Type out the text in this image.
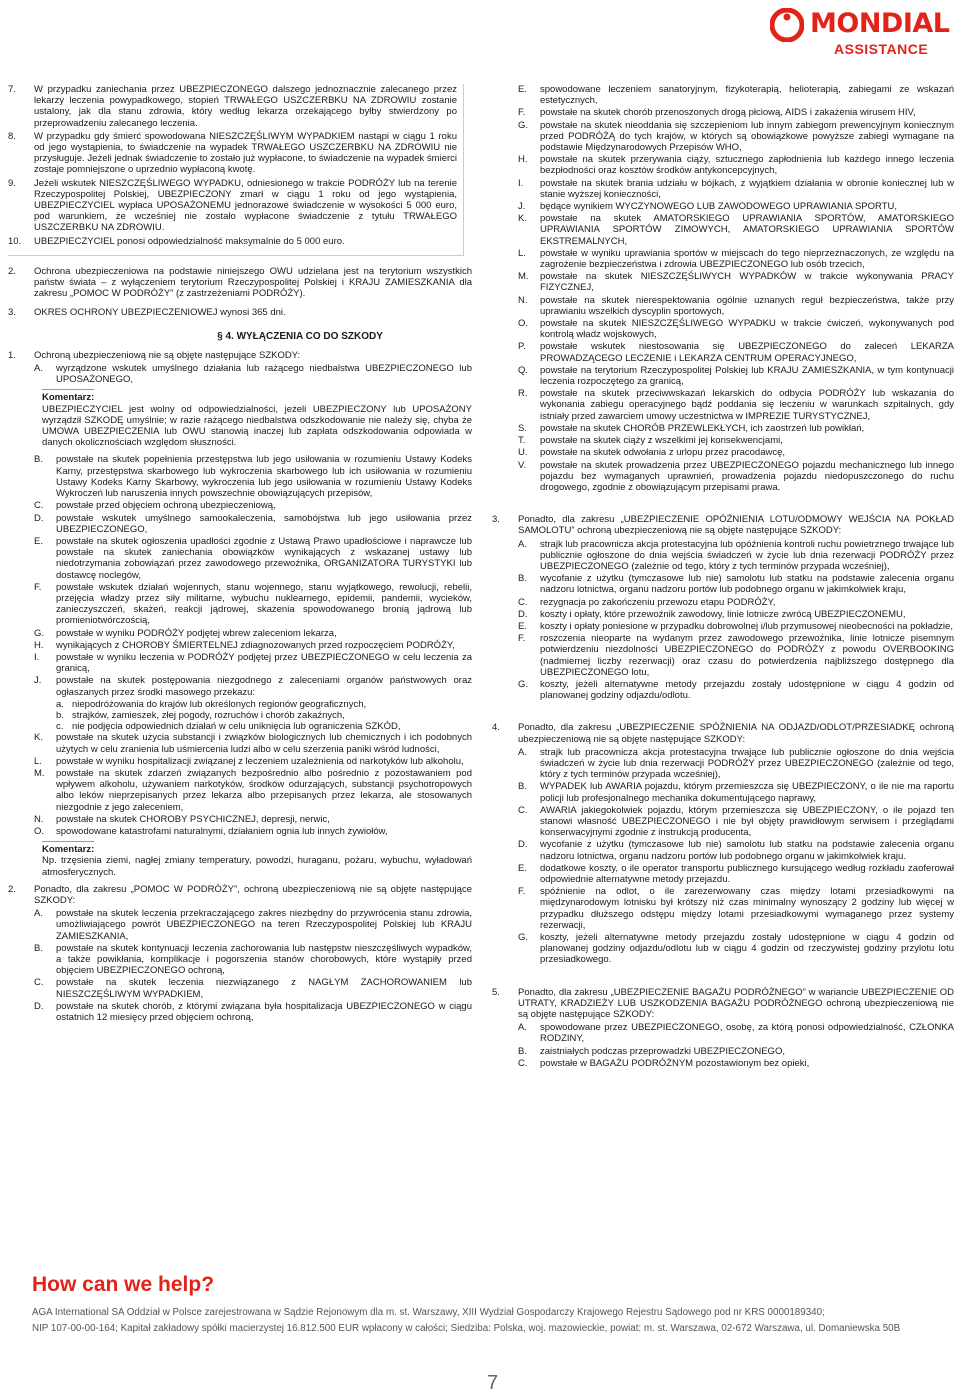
MONDIAL
ASSISTANCE
7.	W przypadku zaniechania przez UBEZPIECZONEGO dalszego jednoznacznie zalecanego przez lekarzy leczenia powypadkowego, stopień TRWAŁEGO USZCZERBKU NA ZDROWIU zostanie ustalony, jak dla stanu zdrowia, który według lekarza orzekającego byłby stwierdzony po przeprowadzeniu zalecanego leczenia.
8.	W przypadku gdy śmierć spowodowana NIESZCZĘŚLIWYM WYPADKIEM nastąpi w ciągu 1 roku od jego wystąpienia, to świadczenie na wypadek TRWAŁEGO USZCZERBKU NA ZDROWIU nie przysługuje. Jeżeli jednak świadczenie to zostało już wypłacone, to świadczenie na wypadek śmierci zostaje pomniejszone o uprzednio wypłaconą kwotę.
9.	Jeżeli wskutek NIESZCZĘŚLIWEGO WYPADKU, odniesionego w trakcie PODRÓŻY lub na terenie Rzeczypospolitej Polskiej, UBEZPIECZONY zmarł w ciągu 1 roku od jego wystąpienia, UBEZPIECZYCIEL wypłaca UPOSAŻONEMU jednorazowe świadczenie w wysokości 5 000 euro, pod warunkiem, że wcześniej nie zostało wypłacone świadczenie z tytułu TRWAŁEGO USZCZERBKU NA ZDROWIU.
10.	UBEZPIECZYCIEL ponosi odpowiedzialność maksymalnie do 5 000 euro.
2.	Ochrona ubezpieczeniowa na podstawie niniejszego OWU udzielana jest na terytorium wszystkich państw świata – z wyłączeniem terytorium Rzeczypospolitej Polskiej i KRAJU ZAMIESZKANIA dla zakresu „POMOC W PODRÓŻY” (z zastrzeżeniami PODRÓŻY).
3.	OKRES OCHRONY UBEZPIECZENIOWEJ wynosi 365 dni.
§ 4. WYŁĄCZENIA CO DO SZKODY
1.	Ochroną ubezpieczeniową nie są objęte następujące SZKODY:
A.	wyrządzone wskutek umyślnego działania lub rażącego niedbalstwa UBEZPIECZONEGO lub UPOSAŻONEGO,
Komentarz:
UBEZPIECZYCIEL jest wolny od odpowiedzialności, jeżeli UBEZPIECZONY lub UPOSAŻONY wyrządził SZKODĘ umyślnie; w razie rażącego niedbalstwa odszkodowanie nie należy się, chyba że UMOWA UBEZPIECZENIA lub OWU stanowią inaczej lub zapłata odszkodowania odpowiada w danych okolicznościach względom słuszności.
B.	powstałe na skutek popełnienia przestępstwa lub jego usiłowania w rozumieniu Ustawy Kodeks Karny, przestępstwa skarbowego lub wykroczenia skarbowego lub ich usiłowania w rozumieniu Ustawy Kodeks Karny Skarbowy, wykroczenia lub jego usiłowania w rozumieniu Ustawy Kodeks Wykroczeń lub naruszenia innych powszechnie obowiązujących przepisów,
C.	powstałe przed objęciem ochroną ubezpieczeniową,
D.	powstałe wskutek umyślnego samookaleczenia, samobójstwa lub jego usiłowania przez UBEZPIECZONEGO,
E.	powstałe na skutek ogłoszenia upadłości zgodnie z Ustawą Prawo upadłościowe i naprawcze lub powstałe na skutek zaniechania obowiązków wynikających z wskazanej ustawy lub niedotrzymania zobowiązań przez zawodowego przewoźnika, ORGANIZATORA TURYSTYKI lub dostawcę noclegów,
F.	powstałe wskutek działań wojennych, stanu wojennego, stanu wyjątkowego, rewolucji, rebelii, przejęcia władzy przez siły militarne, wybuchu nuklearnego, epidemii, pandemii, wycieków, zanieczyszczeń, skażeń, reakcji jądrowej, skażenia spowodowanego bronią jądrową lub promieniotwórczością,
G.	powstałe w wyniku PODRÓŻY podjętej wbrew zaleceniom lekarza,
H.	wynikających z CHOROBY ŚMIERTELNEJ zdiagnozowanych przed rozpoczęciem PODRÓŻY,
I.	powstałe w wyniku leczenia w PODRÓŻY podjętej przez UBEZPIECZONEGO w celu leczenia za granicą,
J.	powstałe na skutek postępowania niezgodnego z zaleceniami organów państwowych oraz ogłaszanych przez środki masowego przekazu:
a. niepodróżowania do krajów lub określonych regionów geograficznych,
b. strajków, zamieszek, złej pogody, rozruchów i chorób zakaźnych,
c. nie podjęcia odpowiednich działań w celu uniknięcia lub ograniczenia SZKÓD,
K.	powstałe na skutek użycia substancji i związków biologicznych lub chemicznych i ich podobnych użytych w celu zranienia lub uśmiercenia ludzi albo w celu szerzenia paniki wśród ludności,
L.	powstałe w wyniku hospitalizacji związanej z leczeniem uzależnienia od narkotyków lub alkoholu,
M.	powstałe na skutek zdarzeń związanych bezpośrednio albo pośrednio z pozostawaniem pod wpływem alkoholu, używaniem narkotyków, środków odurzających, substancji psychotropowych albo leków nieprzepisanych przez lekarza albo przepisanych przez lekarza, ale stosowanych niezgodnie z jego zaleceniem,
N.	powstałe na skutek CHOROBY PSYCHICZNEJ, depresji, nerwic,
O.	spowodowane katastrofami naturalnymi, działaniem ognia lub innych żywiołów,
Komentarz:
Np. trzęsienia ziemi, nagłej zmiany temperatury, powodzi, huraganu, pożaru, wybuchu, wyładowań atmosferycznych.
2.	Ponadto, dla zakresu „POMOC W PODRÓŻY”, ochroną ubezpieczeniową nie są objęte następujące SZKODY:
A.	powstałe na skutek leczenia przekraczającego zakres niezbędny do przywrócenia stanu zdrowia, umożliwiającego powrót UBEZPIECZONEGO na teren Rzeczypospolitej Polskiej lub KRAJU ZAMIESZKANIA,
B.	powstałe na skutek kontynuacji leczenia zachorowania lub następstw nieszczęśliwych wypadków, a także powikłania, komplikacje i pogorszenia stanów chorobowych, które wystąpiły przed objęciem UBEZPIECZONEGO ochroną,
C.	powstałe na skutek leczenia niezwiązanego z NAGŁYM ZACHOROWANIEM lub NIESZCZĘŚLIWYM WYPADKIEM,
D.	powstałe na skutek chorób, z którymi związana była hospitalizacja UBEZPIECZONEGO w ciągu ostatnich 12 miesięcy przed objęciem ochroną,
E.	spowodowane leczeniem sanatoryjnym, fizykoterapią, helioterapią, zabiegami ze wskazań estetycznych,
F.	powstałe na skutek chorób przenoszonych drogą płciową, AIDS i zakażenia wirusem HIV,
G.	powstałe na skutek nieoddania się szczepieniom lub innym zabiegom prewencyjnym koniecznym przed PODRÓŻĄ do tych krajów, w których są obowiązkowe powyższe zabiegi wymagane na podstawie Międzynarodowych Przepisów WHO,
H.	powstałe na skutek przerywania ciąży, sztucznego zapłodnienia lub każdego innego leczenia bezpłodności oraz kosztów środków antykoncepcyjnych,
I.	powstałe na skutek brania udziału w bójkach, z wyjątkiem działania w obronie koniecznej lub w stanie wyższej konieczności,
J.	będące wynikiem WYCZYNOWEGO LUB ZAWODOWEGO UPRAWIANIA SPORTU,
K.	powstałe na skutek AMATORSKIEGO UPRAWIANIA SPORTÓW, AMATORSKIEGO UPRAWIANIA SPORTÓW ZIMOWYCH, AMATORSKIEGO UPRAWIANIA SPORTÓW EKSTREMALNYCH,
L.	powstałe w wyniku uprawiania sportów w miejscach do tego nieprzeznaczonych, ze względu na zagrożenie bezpieczeństwa i zdrowia UBEZPIECZONEGO lub osób trzecich,
M.	powstałe na skutek NIESZCZĘŚLIWYCH WYPADKÓW w trakcie wykonywania PRACY FIZYCZNEJ,
N.	powstałe na skutek nierespektowania ogólnie uznanych reguł bezpieczeństwa, także przy uprawianiu wszelkich dyscyplin sportowych,
O.	powstałe na skutek NIESZCZĘŚLIWEGO WYPADKU w trakcie ćwiczeń, wykonywanych pod kontrolą władz wojskowych,
P.	powstałe wskutek niestosowania się UBEZPIECZONEGO do zaleceń LEKARZA PROWADZĄCEGO LECZENIE i LEKARZA CENTRUM OPERACYJNEGO,
Q.	powstałe na terytorium Rzeczypospolitej Polskiej lub KRAJU ZAMIESZKANIA, w tym kontynuacji leczenia rozpoczętego za granicą,
R.	powstałe na skutek przeciwwskazań lekarskich do odbycia PODRÓŻY lub wskazania do wykonania zabiegu operacyjnego bądź poddania się leczeniu w warunkach szpitalnych, gdy istniały przed zawarciem umowy uczestnictwa w IMPREZIE TURYSTYCZNEJ,
S.	powstałe na skutek CHORÓB PRZEWLEKŁYCH, ich zaostrzeń lub powikłań,
T.	powstałe na skutek ciąży z wszelkimi jej konsekwencjami,
U.	powstałe na skutek odwołania z urlopu przez pracodawcę,
V.	powstałe na skutek prowadzenia przez UBEZPIECZONEGO pojazdu mechanicznego lub innego pojazdu bez wymaganych uprawnień, prowadzenia pojazdu niedopuszczonego do ruchu drogowego, zgodnie z obowiązującym przepisami prawa.
3.	Ponadto, dla zakresu „UBEZPIECZENIE OPÓŹNIENIA LOTU/ODMOWY WEJŚCIA NA POKŁAD SAMOLOTU” ochroną ubezpieczeniową nie są objęte następujące SZKODY:
A.	strajk lub pracownicza akcja protestacyjna lub opóźnienia kontroli ruchu powietrznego trwające lub publicznie ogłoszone do dnia wejścia świadczeń w życie lub dnia rezerwacji PODRÓŻY przez UBEZPIECZONEGO (zależnie od tego, który z tych terminów przypada wcześniej),
B.	wycofanie z użytku (tymczasowe lub nie) samolotu lub statku na podstawie zalecenia organu nadzoru lotnictwa, organu nadzoru portów lub podobnego organu w jakimkolwiek kraju,
C.	rezygnacja po zakończeniu przewozu etapu PODRÓŻY,
D.	koszty i opłaty, które przewoźnik zawodowy, linie lotnicze zwrócą UBEZPIECZONEMU,
E.	koszty i opłaty poniesione w przypadku dobrowolnej i/lub przymusowej nieobecności na pokładzie,
F.	roszczenia nieoparte na wydanym przez zawodowego przewoźnika, linie lotnicze pisemnym potwierdzeniu niezdolności UBEZPIECZONEGO do PODRÓŻY z powodu OVERBOOKING (nadmiernej liczby rezerwacji) oraz czasu do potwierdzenia najbliższego dostępnego dla UBEZPIECZONEGO lotu,
G.	koszty, jeżeli alternatywne metody przejazdu zostały udostępnione w ciągu 4 godzin od planowanej godziny odjazdu/odlotu.
4.	Ponadto, dla zakresu „UBEZPIECZENIE SPÓŹNIENIA NA ODJAZD/ODLOT/PRZESIADKĘ ochroną ubezpieczeniową nie są objęte następujące SZKODY:
A.	strajk lub pracownicza akcja protestacyjna trwające lub publicznie ogłoszone do dnia wejścia świadczeń w życie lub dnia rezerwacji PODRÓŻY przez UBEZPIECZONEGO (zależnie od tego, który z tych terminów przypada wcześniej),
B.	WYPADEK lub AWARIA pojazdu, którym przemieszcza się UBEZPIECZONY, o ile nie ma raportu policji lub profesjonalnego mechanika dokumentującego naprawy,
C.	AWARIA jakiegokolwiek pojazdu, którym przemieszcza się UBEZPIECZONY, o ile pojazd ten stanowi własność UBEZPIECZONEGO i nie był objęty prawidłowym serwisem i przeglądami konserwacyjnymi zgodnie z instrukcją producenta,
D.	wycofanie z użytku (tymczasowe lub nie) samolotu lub statku na podstawie zalecenia organu nadzoru lotnictwa, organu nadzoru portów lub podobnego organu w jakimkolwiek kraju.
E.	dodatkowe koszty, o ile operator transportu publicznego kursującego według rozkładu zaoferował odpowiednie alternatywne metody przejazdu.
F.	spóźnienie na odlot, o ile zarezerwowany czas między lotami przesiadkowymi na międzynarodowym lotnisku był krótszy niż czas minimalny wynoszący 2 godziny lub więcej w przypadku dłuższego odstępu między lotami przesiadkowymi wymaganego przez systemy rezerwacji,
G.	koszty, jeżeli alternatywne metody przejazdu zostały udostępnione w ciągu 4 godzin od planowanej godziny odjazdu/odlotu lub w ciągu 4 godzin od rzeczywistej godziny przylotu lotu przesiadkowego.
5.	Ponadto, dla zakresu „UBEZPIECZENIE BAGAŻU PODRÓŻNEGO” w wariancie UBEZPIECZENIE OD UTRATY, KRADZIEŻY LUB USZKODZENIA BAGAŻU PODRÓŻNEGO ochroną ubezpieczeniową nie są objęte następujące SZKODY:
A.	spowodowane przez UBEZPIECZONEGO, osobę, za którą ponosi odpowiedzialność, CZŁONKA RODZINY,
B.	zaistniałych podczas przeprowadzki UBEZPIECZONEGO,
C.	powstałe w BAGAŻU PODRÓŻNYM pozostawionym bez opieki,
How can we help?
AGA International SA Oddział w Polsce zarejestrowana w Sądzie Rejonowym dla m. st. Warszawy, XIII Wydział Gospodarczy Krajowego Rejestru Sądowego pod nr KRS 0000189340;
NIP 107-00-00-164; Kapitał zakładowy spółki macierzystej 16.812.500 EUR wpłacony w całości; Siedziba: Polska, woj. mazowieckie, powiat: m. st. Warszawa, 02-672 Warszawa, ul. Domaniewska 50B
7
